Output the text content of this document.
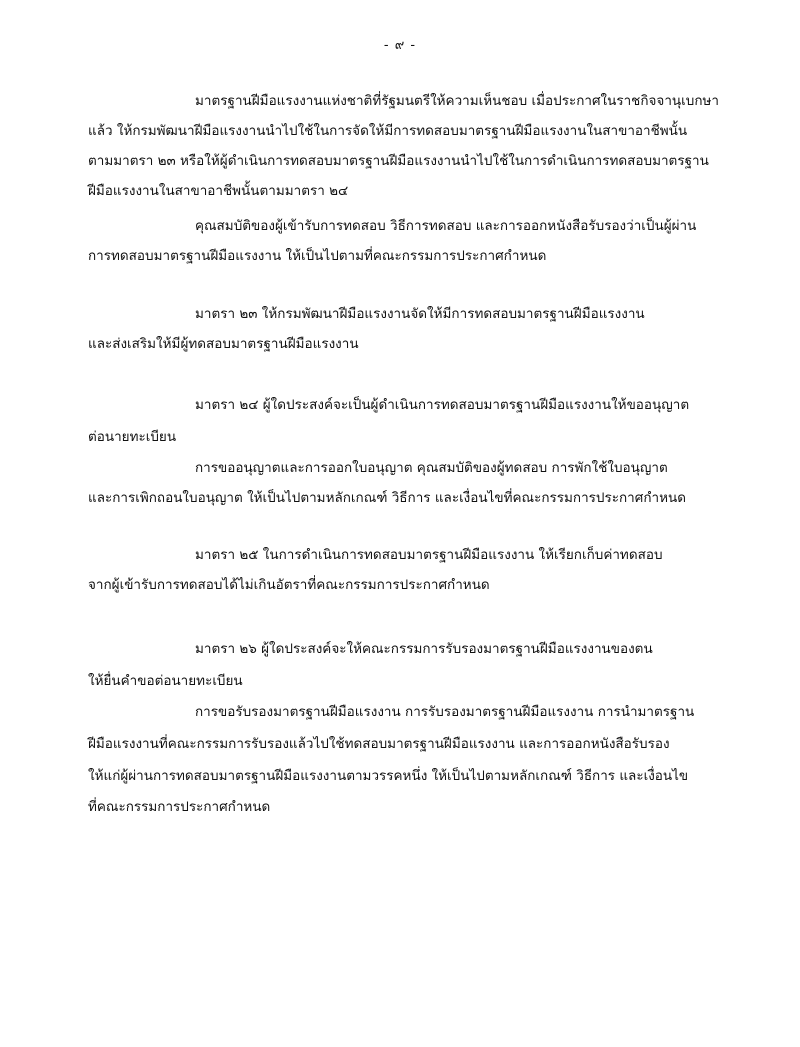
- ๙ -
มาตรฐานฝีมือแรงงานแห่งชาติที่รัฐมนตรีให้ความเห็นชอบ เมื่อประกาศในราชกิจจานุเบกษา
แล้ว ให้กรมพัฒนาฝีมือแรงงานนำไปใช้ในการจัดให้มีการทดสอบมาตรฐานฝีมือแรงงานในสาขาอาชีพนั้น
ตามมาตรา ๒๓ หรือให้ผู้ดำเนินการทดสอบมาตรฐานฝีมือแรงงานนำไปใช้ในการดำเนินการทดสอบมาตรฐาน
ฝีมือแรงงานในสาขาอาชีพนั้นตามมาตรา ๒๔
คุณสมบัติของผู้เข้ารับการทดสอบ วิธีการทดสอบ และการออกหนังสือรับรองว่าเป็นผู้ผ่าน
การทดสอบมาตรฐานฝีมือแรงงาน ให้เป็นไปตามที่คณะกรรมการประกาศกำหนด
มาตรา ๒๓ ให้กรมพัฒนาฝีมือแรงงานจัดให้มีการทดสอบมาตรฐานฝีมือแรงงาน
และส่งเสริมให้มีผู้ทดสอบมาตรฐานฝีมือแรงงาน
มาตรา ๒๔ ผู้ใดประสงค์จะเป็นผู้ดำเนินการทดสอบมาตรฐานฝีมือแรงงานให้ขออนุญาต
ต่อนายทะเบียน
การขออนุญาตและการออกใบอนุญาต คุณสมบัติของผู้ทดสอบ การพักใช้ใบอนุญาต
และการเพิกถอนใบอนุญาต ให้เป็นไปตามหลักเกณฑ์ วิธีการ และเงื่อนไขที่คณะกรรมการประกาศกำหนด
มาตรา ๒๕ ในการดำเนินการทดสอบมาตรฐานฝีมือแรงงาน ให้เรียกเก็บค่าทดสอบ
จากผู้เข้ารับการทดสอบได้ไม่เกินอัตราที่คณะกรรมการประกาศกำหนด
มาตรา ๒๖ ผู้ใดประสงค์จะให้คณะกรรมการรับรองมาตรฐานฝีมือแรงงานของตน
ให้ยื่นคำขอต่อนายทะเบียน
การขอรับรองมาตรฐานฝีมือแรงงาน การรับรองมาตรฐานฝีมือแรงงาน การนำมาตรฐาน
ฝีมือแรงงานที่คณะกรรมการรับรองแล้วไปใช้ทดสอบมาตรฐานฝีมือแรงงาน และการออกหนังสือรับรอง
ให้แก่ผู้ผ่านการทดสอบมาตรฐานฝีมือแรงงานตามวรรคหนึ่ง ให้เป็นไปตามหลักเกณฑ์ วิธีการ และเงื่อนไข
ที่คณะกรรมการประกาศกำหนด
